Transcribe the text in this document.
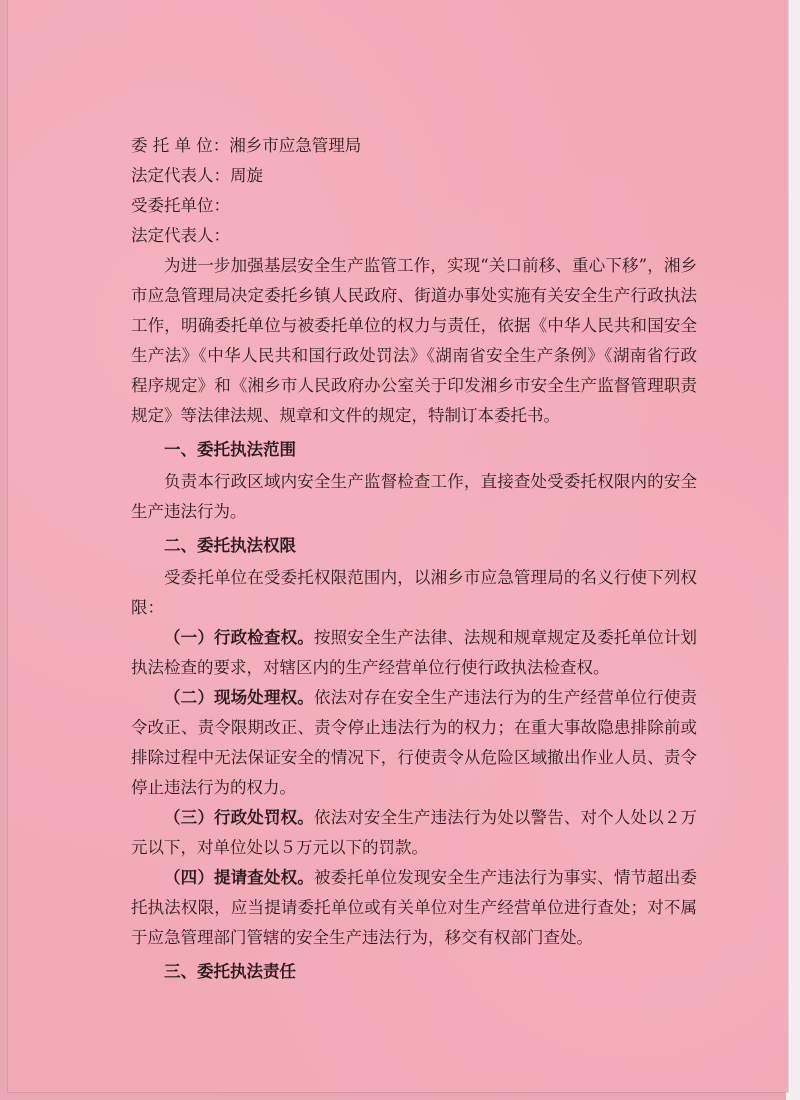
委 托 单 位：湘乡市应急管理局
法定代表人：周旋
受委托单位：
法定代表人：
为进一步加强基层安全生产监管工作，实现“关口前移、重心下移”，湘乡市应急管理局决定委托乡镇人民政府、街道办事处实施有关安全生产行政执法工作，明确委托单位与被委托单位的权力与责任，依据《中华人民共和国安全生产法》《中华人民共和国行政处罚法》《湖南省安全生产条例》《湖南省行政程序规定》和《湘乡市人民政府办公室关于印发湘乡市安全生产监督管理职责规定》等法律法规、规章和文件的规定，特制订本委托书。
一、委托执法范围
负责本行政区域内安全生产监督检查工作，直接查处受委托权限内的安全生产违法行为。
二、委托执法权限
受委托单位在受委托权限范围内，以湘乡市应急管理局的名义行使下列权限：
（一）行政检查权。按照安全生产法律、法规和规章规定及委托单位计划执法检查的要求，对辖区内的生产经营单位行使行政执法检查权。
（二）现场处理权。依法对存在安全生产违法行为的生产经营单位行使责令改正、责令限期改正、责令停止违法行为的权力；在重大事故隐患排除前或排除过程中无法保证安全的情况下，行使责令从危险区域撤出作业人员、责令停止违法行为的权力。
（三）行政处罚权。依法对安全生产违法行为处以警告、对个人处以２万元以下，对单位处以５万元以下的罚款。
（四）提请查处权。被委托单位发现安全生产违法行为事实、情节超出委托执法权限，应当提请委托单位或有关单位对生产经营单位进行查处；对不属于应急管理部门管辖的安全生产违法行为，移交有权部门查处。
三、委托执法责任
